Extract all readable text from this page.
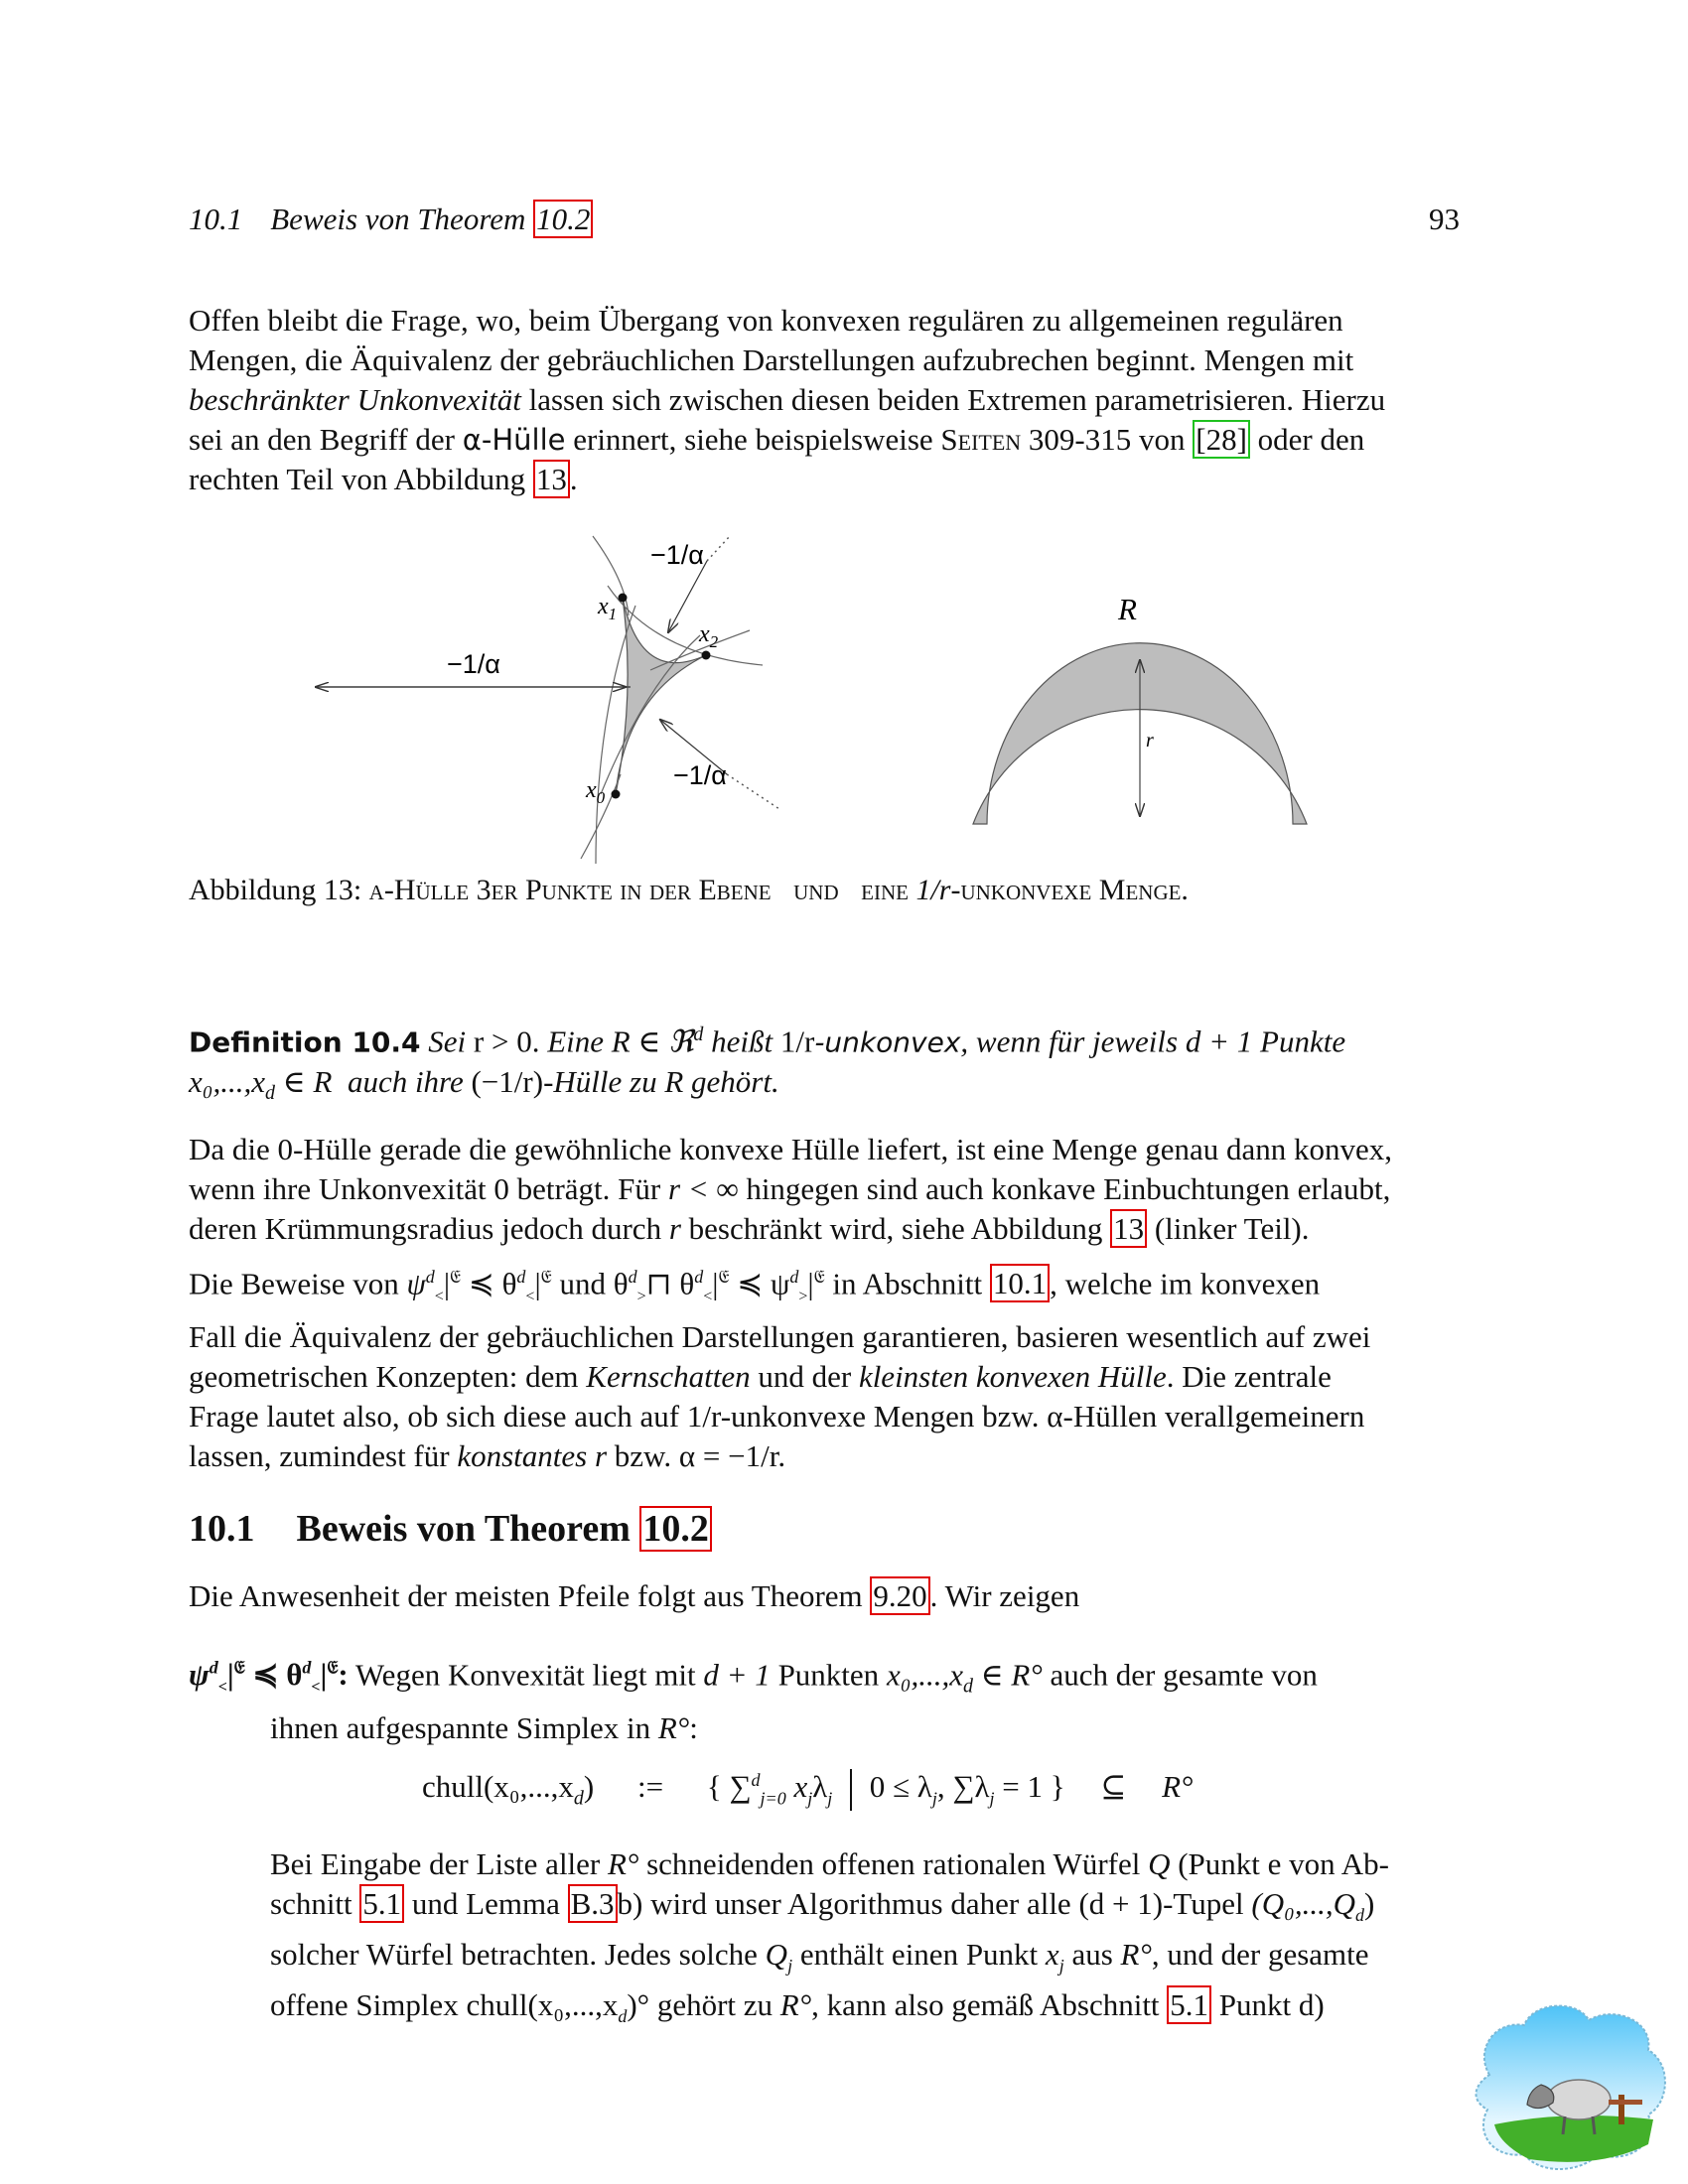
10.1 Beweis von Theorem 10.2	93
Offen bleibt die Frage, wo, beim Übergang von konvexen regulären zu allgemeinen regulären
Mengen, die Äquivalenz der gebräuchlichen Darstellungen aufzubrechen beginnt. Mengen mit
beschränkter Unkonvexität lassen sich zwischen diesen beiden Extremen parametrisieren. Hierzu
sei an den Begriff der α-Hülle erinnert, siehe beispielsweise Seiten 309-315 von [28] oder den
rechten Teil von Abbildung 13.
−1/α
−1/α
−1/α
$x_1$
$x_2$
$x_0$
R
r
Abbildung 13: α-Hülle 3er Punkte in der Ebene und eine 1/r-unkonvexe Menge.
Definition 10.4 Sei r > 0. Eine R ∈ ℜ$^d$ heißt 1/r-unkonvex, wenn für jeweils d + 1 Punkte
$x_0,...,x_d$ ∈ R auch ihre (−1/r)-Hülle zu R gehört.
Da die 0-Hülle gerade die gewöhnliche konvexe Hülle liefert, ist eine Menge genau dann konvex,
wenn ihre Unkonvexität 0 beträgt. Für r < ∞ hingegen sind auch konkave Einbuchtungen erlaubt,
deren Krümmungsradius jedoch durch r beschränkt wird, siehe Abbildung 13 (linker Teil).
Die Beweise von $\psi^d_<|^𝔈$ ≼ $\theta^d_<|^𝔈$ und $\theta^d_>⊓$ $\theta^d_<|^𝔈$ ≼ $\psi^d_>|^𝔈$ in Abschnitt 10.1, welche im konvexen
Fall die Äquivalenz der gebräuchlichen Darstellungen garantieren, basieren wesentlich auf zwei
geometrischen Konzepten: dem Kernschatten und der kleinsten konvexen Hülle. Die zentrale
Frage lautet also, ob sich diese auch auf 1/r-unkonvexe Mengen bzw. α-Hüllen verallgemeinern
lassen, zumindest für konstantes r bzw. α = −1/r.
10.1 Beweis von Theorem 10.2
Die Anwesenheit der meisten Pfeile folgt aus Theorem 9.20. Wir zeigen
$\psi^d_<|^𝔈$ ≼ $\theta^d_<|^𝔈$: Wegen Konvexität liegt mit d + 1 Punkten $x_0,...,x_d$ ∈ R° auch der gesamte von
ihnen aufgespannte Simplex in R°:
$chull(x_0,...,x_d)$ := { ∑$^d_{j=0}$ $x_j\lambda_j$ $0 \le \lambda_j$, $\sum\lambda_j = 1$ } ⊆ R°
Bei Eingabe der Liste aller R° schneidenden offenen rationalen Würfel Q (Punkt e von Ab-
schnitt 5.1 und Lemma B.3b) wird unser Algorithmus daher alle (d + 1)-Tupel $(Q_0,...,Q_d)$
solcher Würfel betrachten. Jedes solche $Q_j$ enthält einen Punkt $x_j$ aus R°, und der gesamte
offene Simplex $chull(x_0,...,x_d)^\circ$ gehört zu R°, kann also gemäß Abschnitt 5.1 Punkt d)
